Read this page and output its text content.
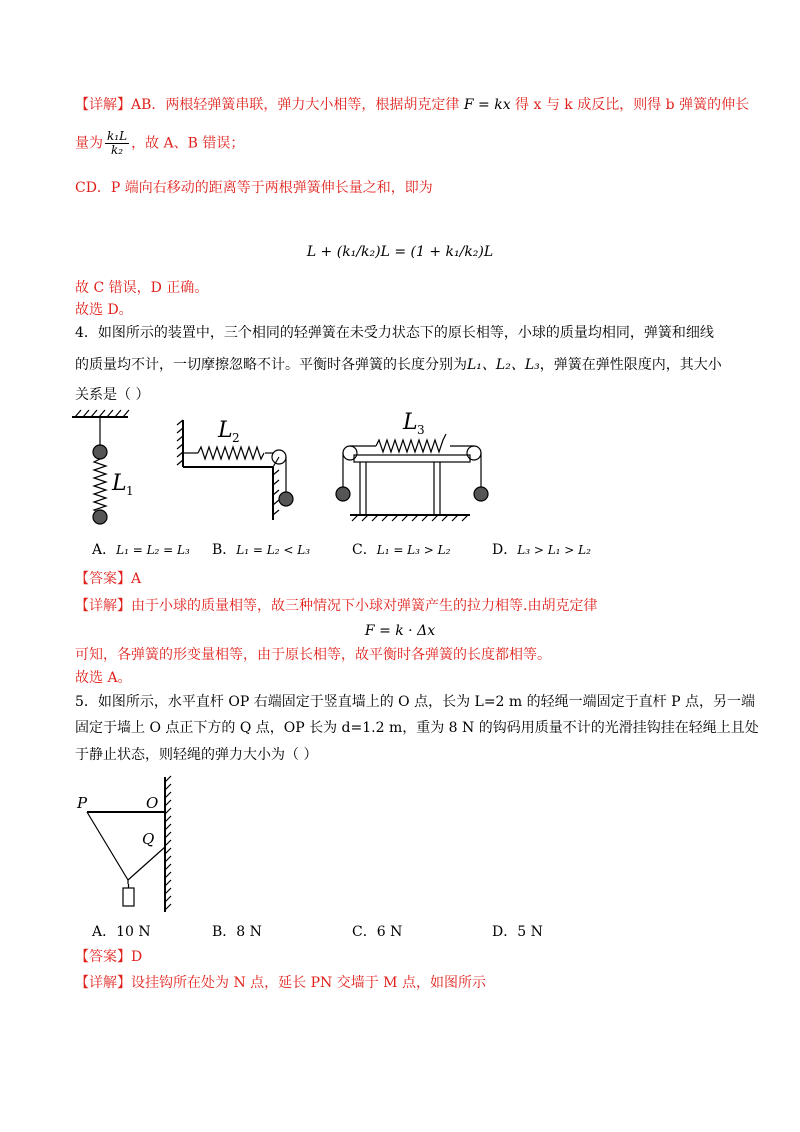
【详解】AB．两根轻弹簧串联，弹力大小相等，根据胡克定律 F = kx 得 x 与 k 成反比，则得 b 弹簧的伸长
量为 $\frac{\text{k₁L}}{\text{k₂}}$ ，故 A、B 错误；
CD．P 端向右移动的距离等于两根弹簧伸长量之和，即为
L + (k₁/k₂)L = (1 + k₁/k₂)L
故 C 错误，D 正确。
故选 D。
4．如图所示的装置中，三个相同的轻弹簧在未受力状态下的原长相等，小球的质量均相同，弹簧和细线
的质量均不计，一切摩擦忽略不计。平衡时各弹簧的长度分别为L₁、L₂、L₃，弹簧在弹性限度内，其大小
关系是（ ）
L 1
L 2
L 3
A．L₁ = L₂ = L₃ B．L₁ = L₂ < L₃	C．L₁ = L₃ > L₂	D．L₃ > L₁ > L₂
【答案】A
【详解】由于小球的质量相等，故三种情况下小球对弹簧产生的拉力相等.由胡克定律
F = k · Δx
可知，各弹簧的形变量相等，由于原长相等，故平衡时各弹簧的长度都相等。
故选 A。
5．如图所示，水平直杆 OP 右端固定于竖直墙上的 O 点，长为 L=2 m 的轻绳一端固定于直杆 P 点，另一端
固定于墙上 O 点正下方的 Q 点，OP 长为 d=1.2 m，重为 8 N 的钩码用质量不计的光滑挂钩挂在轻绳上且处
于静止状态，则轻绳的弹力大小为（ ）
P	O
Q
A．10 N	B．8 N	C．6 N	D．5 N
【答案】D
【详解】设挂钩所在处为 N 点，延长 PN 交墙于 M 点，如图所示
